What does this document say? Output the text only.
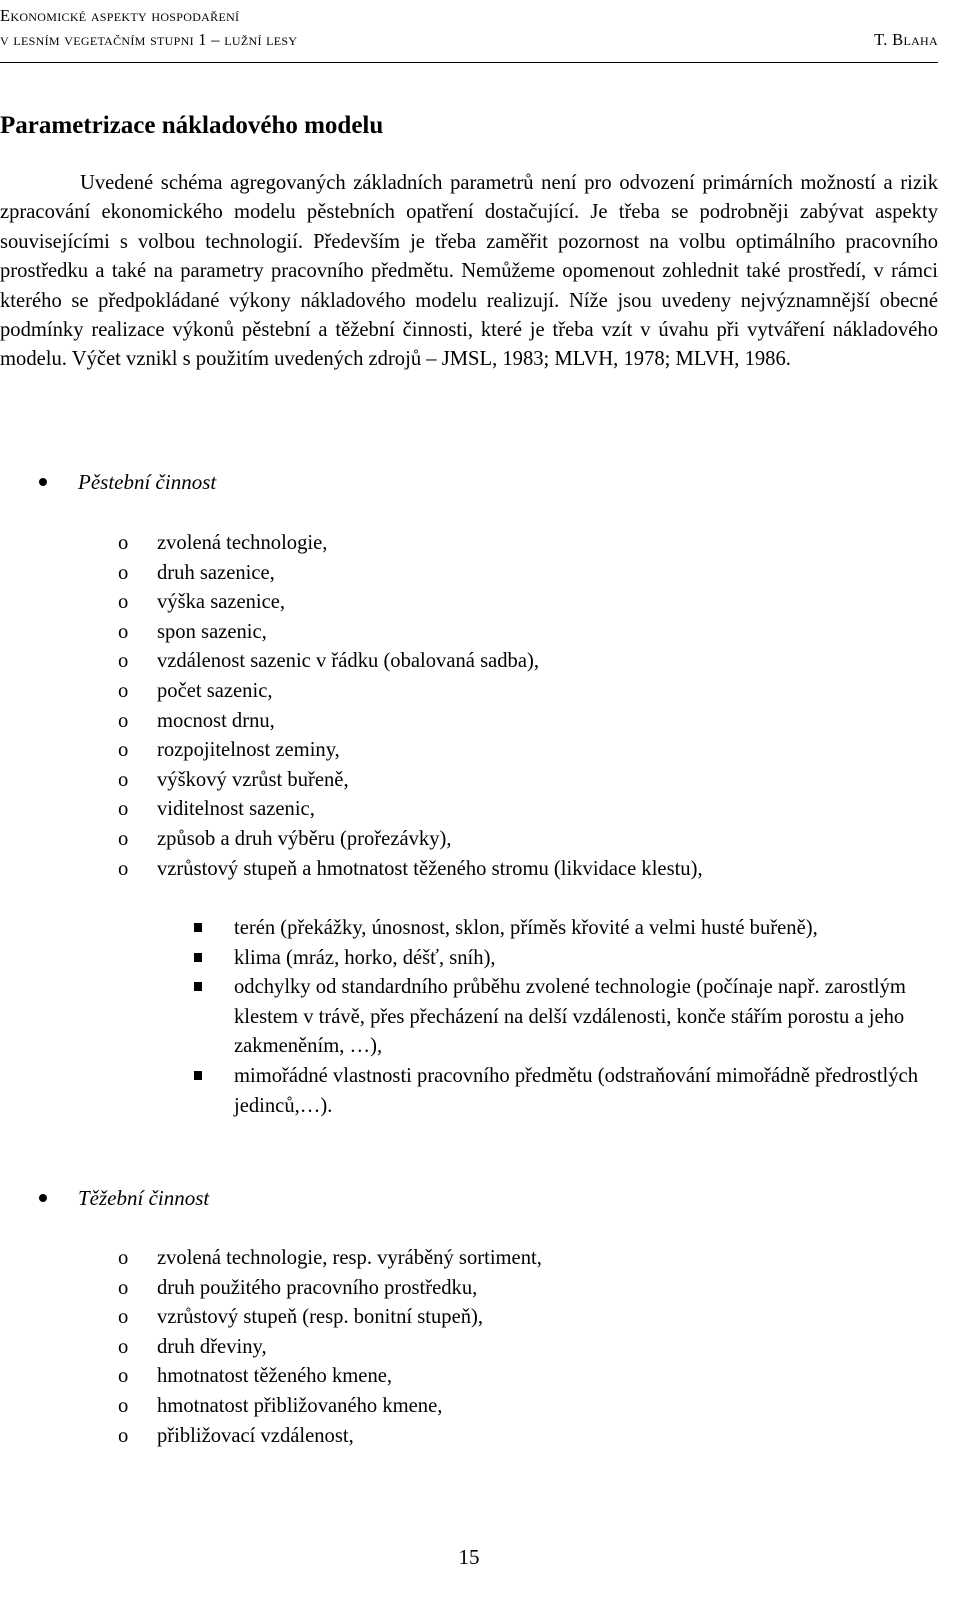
Ekonomické aspekty hospodaření
v lesním vegetačním stupni 1 – lužní lesy	T. Blaha
Parametrizace nákladového modelu

Uvedené schéma agregovaných základních parametrů není pro odvození primárních možností a rizik zpracování ekonomického modelu pěstebních opatření dostačující. Je třeba se podrobněji zabývat aspekty souvisejícími s volbou technologií. Především je třeba zaměřit pozornost na volbu optimálního pracovního prostředku a také na parametry pracovního předmětu. Nemůžeme opomenout zohlednit také prostředí, v rámci kterého se předpokládané výkony nákladového modelu realizují. Níže jsou uvedeny nejvýznamnější obecné podmínky realizace výkonů pěstební a těžební činnosti, které je třeba vzít v úvahu při vytváření nákladového modelu. Výčet vznikl s použitím uvedených zdrojů – JMSL, 1983; MLVH, 1978; MLVH, 1986.

Pěstební činnost
o zvolená technologie,
o druh sazenice,
o výška sazenice,
o spon sazenic,
o vzdálenost sazenic v řádku (obalovaná sadba),
o počet sazenic,
o mocnost drnu,
o rozpojitelnost zeminy,
o výškový vzrůst buřeně,
o viditelnost sazenic,
o způsob a druh výběru (prořezávky),
o vzrůstový stupeň a hmotnatost těženého stromu (likvidace klestu),
terén (překážky, únosnost, sklon, příměs křovité a velmi husté buřeně),
klima (mráz, horko, déšť, sníh),
odchylky od standardního průběhu zvolené technologie (počínaje např. zarostlým klestem v trávě, přes přecházení na delší vzdálenosti, konče stářím porostu a jeho zakmeněním, …),
mimořádné vlastnosti pracovního předmětu (odstraňování mimořádně předrostlých jedinců,…).
Těžební činnost
o zvolená technologie, resp. vyráběný sortiment,
o druh použitého pracovního prostředku,
o vzrůstový stupeň (resp. bonitní stupeň),
o druh dřeviny,
o hmotnatost těženého kmene,
o hmotnatost přibližovaného kmene,
o přibližovací vzdálenost,
15
